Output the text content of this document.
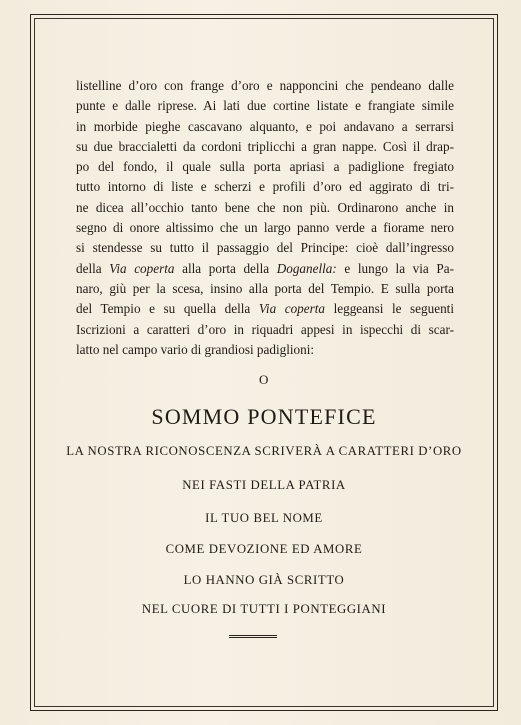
listelline d’oro con frange d’oro e napponcini che pendeano dalle
punte e dalle riprese. Ai lati due cortine listate e frangiate simile
in morbide pieghe cascavano alquanto, e poi andavano a serrarsi
su due braccialetti da cordoni triplicchi a gran nappe. Così il drap-
po del fondo, il quale sulla porta apriasi a padiglione fregiato
tutto intorno di liste e scherzi e profili d’oro ed aggirato di tri-
ne dicea all’occhio tanto bene che non più. Ordinarono anche in
segno di onore altissimo che un largo panno verde a fiorame nero
si stendesse su tutto il passaggio del Principe: cioè dall’ingresso
della Via coperta alla porta della Doganella: e lungo la via Pa-
naro, giù per la scesa, insino alla porta del Tempio. E sulla porta
del Tempio e su quella della Via coperta leggeansi le seguenti
Iscrizioni a caratteri d’oro in riquadri appesi in ispecchi di scar-
latto nel campo vario di grandiosi padiglioni:
O
SOMMO PONTEFICE
LA NOSTRA RICONOSCENZA SCRIVERÀ A CARATTERI D’ORO
NEI FASTI DELLA PATRIA
IL TUO BEL NOME
COME DEVOZIONE ED AMORE
LO HANNO GIÀ SCRITTO
NEL CUORE DI TUTTI I PONTEGGIANI
